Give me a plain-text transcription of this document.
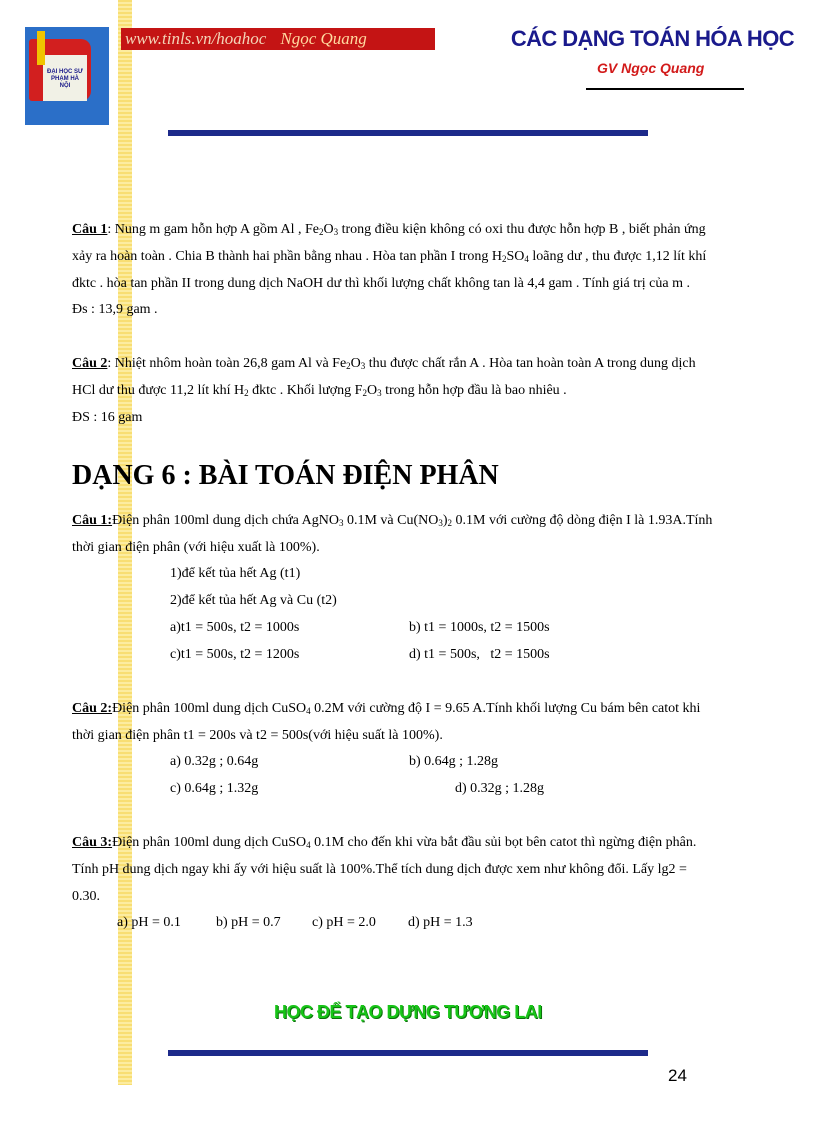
ĐẠI HỌC SƯ PHẠM HÀ NỘI
www.tinls.vn/hoahoc Ngọc Quang	CÁC DẠNG TOÁN HÓA HỌC
GV Ngọc Quang

Câu 1: Nung m gam hỗn hợp A gồm Al , $Fe_2O_3$ trong điều kiện không có oxi thu được hỗn hợp B , biết phản ứng

xảy ra hoàn toàn . Chia B thành hai phần bằng nhau . Hòa tan phần I trong $H_2SO_4$ loãng dư , thu được 1,12 lít khí

đktc . hòa tan phần II trong dung dịch NaOH dư thì khối lượng chất không tan là 4,4 gam . Tính giá trị của m .

Đs : 13,9 gam .

Câu 2: Nhiệt nhôm hoàn toàn 26,8 gam Al và $Fe_2O_3$ thu được chất rắn A . Hòa tan hoàn toàn A trong dung dịch

HCl dư thu được 11,2 lít khí $H_2$ đktc . Khối lượng $F_2O_3$ trong hỗn hợp đầu là bao nhiêu .

ĐS : 16 gam

DẠNG 6 : BÀI TOÁN ĐIỆN PHÂN

Câu 1:Điện phân 100ml dung dịch chứa AgNO$_3$ 0.1M và $Cu(NO_3)_2$ 0.1M với cường độ dòng điện I là 1.93A.Tính

thời gian điện phân (với hiệu xuất là 100%).

1)để kết tủa hết Ag (t1)

2)để kết tủa hết Ag và Cu (t2)

a)t1 = 500s, t2 = 1000s	b) t1 = 1000s, t2 = 1500s

c)t1 = 500s, t2 = 1200s	d) t1 = 500s,   t2 = 1500s

Câu 2:Điện phân 100ml dung dịch CuSO$_4$ 0.2M với cường độ I = 9.65 A.Tính khối lượng Cu bám bên catot khi

thời gian điện phân t1 = 200s và t2 = 500s(với hiệu suất là 100%).

a) 0.32g ; 0.64g	b) 0.64g ; 1.28g

c) 0.64g ; 1.32g	d) 0.32g ; 1.28g

Câu 3:Điện phân 100ml dung dịch CuSO$_4$ 0.1M cho đến khi vừa bắt đầu sủi bọt bên catot thì ngừng điện phân.

Tính pH dung dịch ngay khi ấy với hiệu suất là 100%.Thể tích dung dịch được xem như không đổi. Lấy lg2 =

0.30.

a) pH = 0.1	b) pH = 0.7 c) pH = 2.0 d) pH = 1.3

HỌC ĐỂ TẠO DỰNG TƯƠNG LAI
24
